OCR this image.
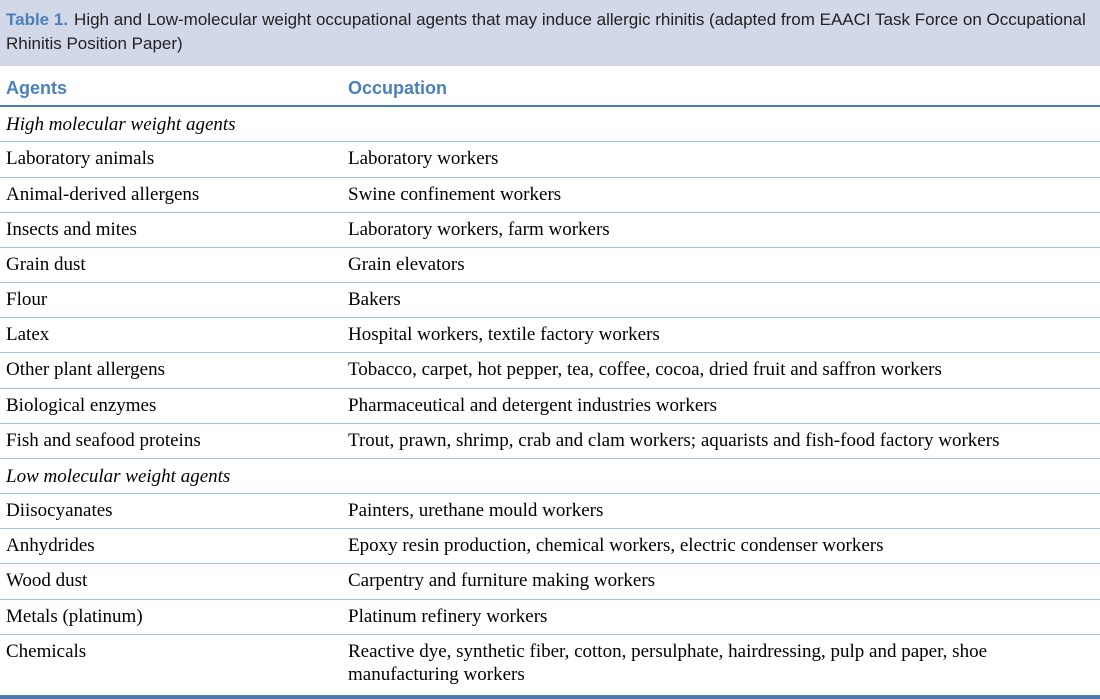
Table 1. High and Low-molecular weight occupational agents that may induce allergic rhinitis (adapted from EAACI Task Force on Occupational Rhinitis Position Paper)
Agents	Occupation
High molecular weight agents	
Laboratory animals	Laboratory workers
Animal-derived allergens	Swine confinement workers
Insects and mites	Laboratory workers, farm workers
Grain dust	Grain elevators
Flour	Bakers
Latex	Hospital workers, textile factory workers
Other plant allergens	Tobacco, carpet, hot pepper, tea, coffee, cocoa, dried fruit and saffron workers
Biological enzymes	Pharmaceutical and detergent industries workers
Fish and seafood proteins	Trout, prawn, shrimp, crab and clam workers; aquarists and fish-food factory workers
Low molecular weight agents	
Diisocyanates	Painters, urethane mould workers
Anhydrides	Epoxy resin production, chemical workers, electric condenser workers
Wood dust	Carpentry and furniture making workers
Metals (platinum)	Platinum refinery workers
Chemicals	Reactive dye, synthetic fiber, cotton, persulphate, hairdressing, pulp and paper, shoe manufacturing workers
